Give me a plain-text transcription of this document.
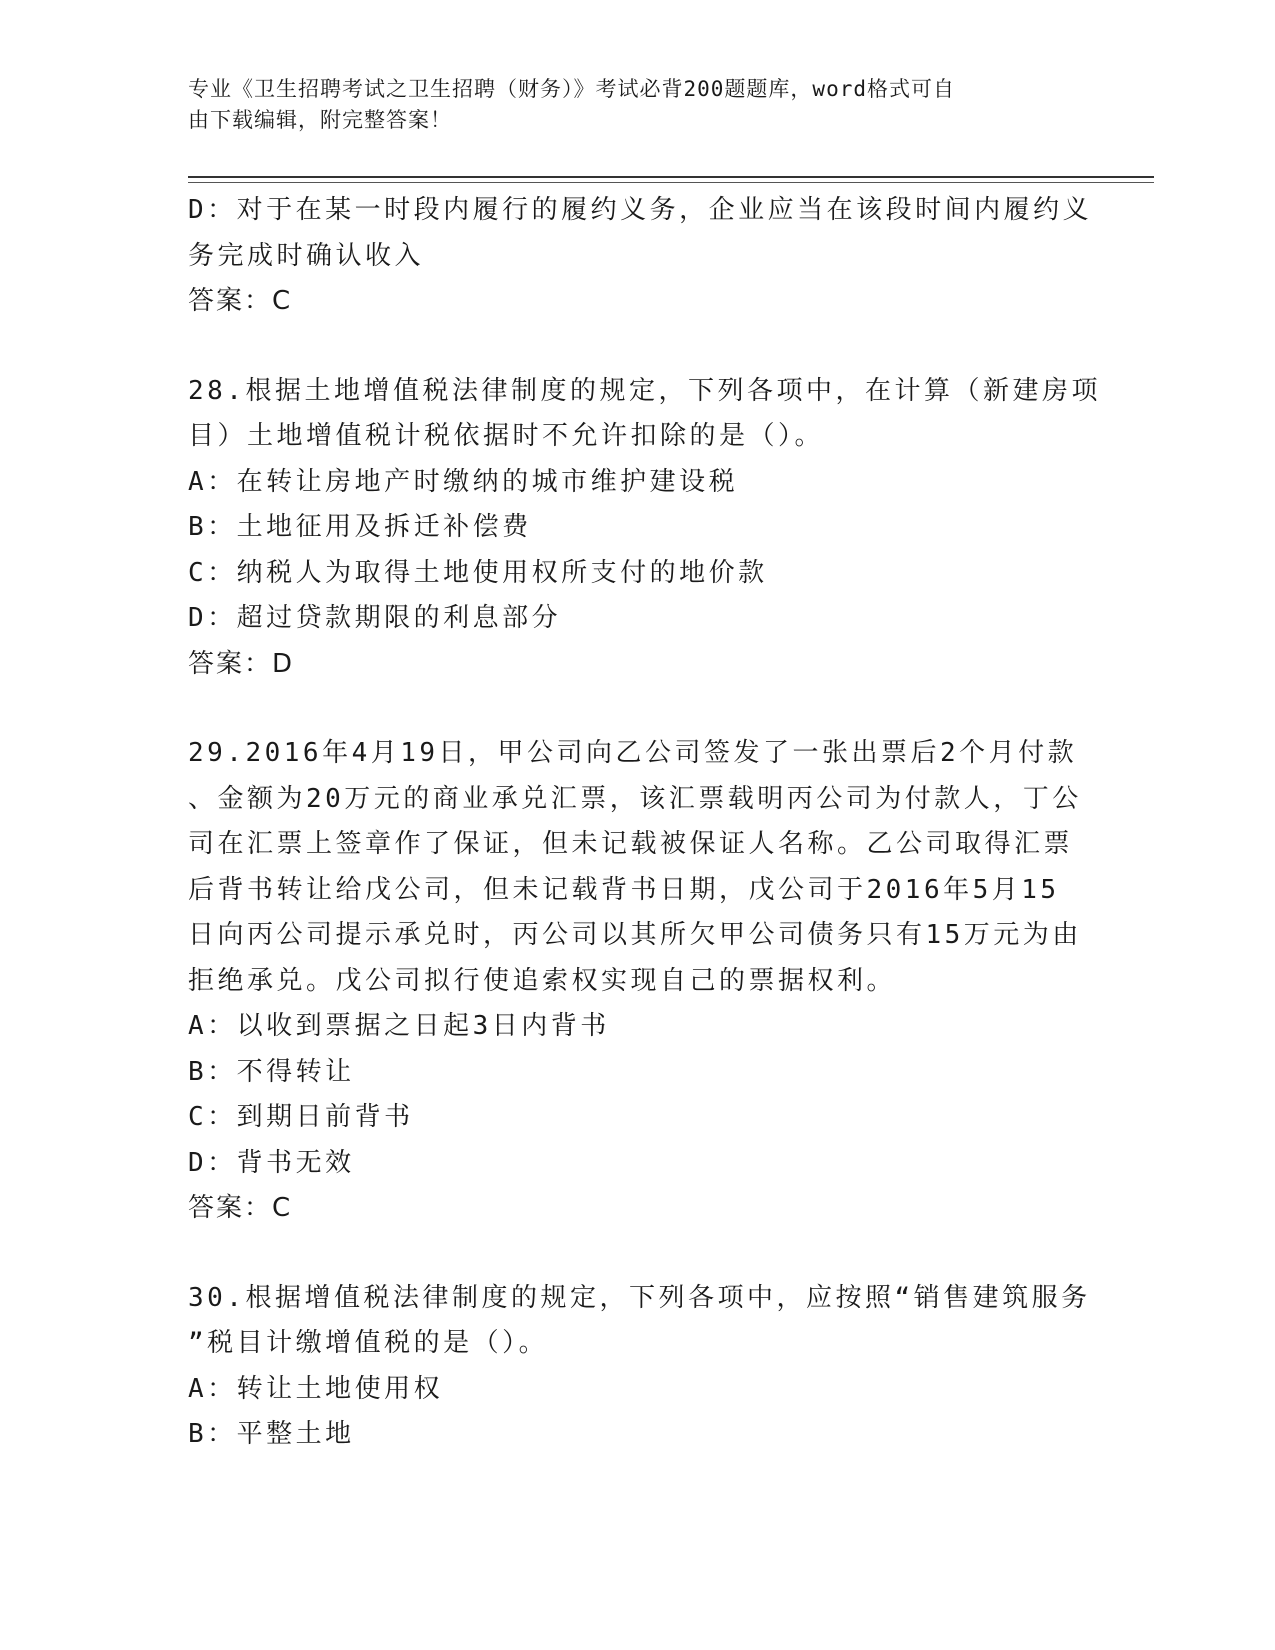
专业《卫生招聘考试之卫生招聘（财务）》考试必背200题题库，word格式可自
由下载编辑，附完整答案！
D：对于在某一时段内履行的履约义务，企业应当在该段时间内履约义
务完成时确认收入
答案：C
28.根据土地增值税法律制度的规定，下列各项中，在计算（新建房项
目）土地增值税计税依据时不允许扣除的是（）。
A：在转让房地产时缴纳的城市维护建设税
B：土地征用及拆迁补偿费
C：纳税人为取得土地使用权所支付的地价款
D：超过贷款期限的利息部分
答案：D
29.2016年4月19日，甲公司向乙公司签发了一张出票后2个月付款
、金额为20万元的商业承兑汇票，该汇票载明丙公司为付款人，丁公
司在汇票上签章作了保证，但未记载被保证人名称。乙公司取得汇票
后背书转让给戊公司，但未记载背书日期，戊公司于2016年5月15
日向丙公司提示承兑时，丙公司以其所欠甲公司债务只有15万元为由
拒绝承兑。戊公司拟行使追索权实现自己的票据权利。
A：以收到票据之日起3日内背书
B：不得转让
C：到期日前背书
D：背书无效
答案：C
30.根据增值税法律制度的规定，下列各项中，应按照“销售建筑服务
”税目计缴增值税的是（）。
A：转让土地使用权
B：平整土地
